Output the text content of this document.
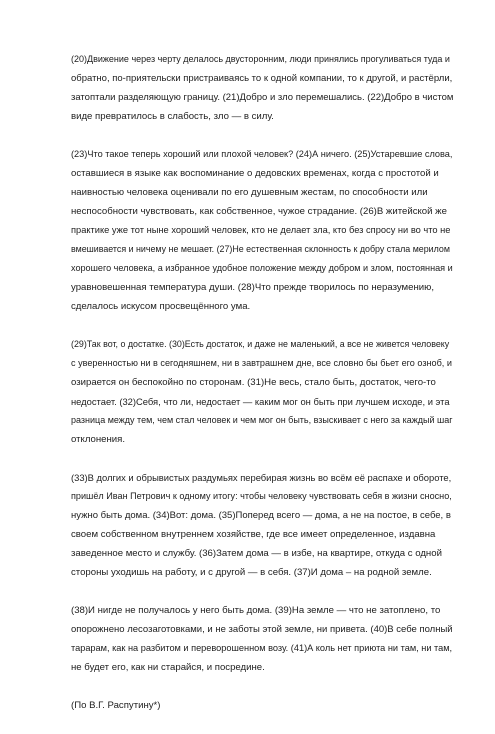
(20)Движение через черту делалось двусторонним, люди принялись прогуливаться туда и
обратно, по-приятельски пристраиваясь то к одной компании, то к другой, и растёрли,
затоптали разделяющую границу. (21)Добро и зло перемешались. (22)Добро в чистом
виде превратилось в слабость, зло — в силу.
(23)Что такое теперь хороший или плохой человек? (24)А ничего. (25)Устаревшие слова,
оставшиеся в языке как воспоминание о дедовских временах, когда с простотой и
наивностью человека оценивали по его душевным жестам, по способности или
неспособности чувствовать, как собственное, чужое страдание. (26)В житейской же
практике уже тот ныне хороший человек, кто не делает зла, кто без спросу ни во что не
вмешивается и ничему не мешает. (27)Не естественная склонность к добру стала мерилом
хорошего человека, а избранное удобное положение между добром и злом, постоянная и
уравновешенная температура души. (28)Что прежде творилось по неразумению,
сделалось искусом просвещённого ума.
(29)Так вот, о достатке. (30)Есть достаток, и даже не маленький, а все не живется человеку
с уверенностью ни в сегодняшнем, ни в завтрашнем дне, все словно бы бьет его озноб, и
озирается он беспокойно по сторонам. (31)Не весь, стало быть, достаток, чего-то
недостает. (32)Себя, что ли, недостает — каким мог он быть при лучшем исходе, и эта
разница между тем, чем стал человек и чем мог он быть, взыскивает с него за каждый шаг
отклонения.
(33)В долгих и обрывистых раздумьях перебирая жизнь во всём её распахе и обороте,
пришёл Иван Петрович к одному итогу: чтобы человеку чувствовать себя в жизни сносно,
нужно быть дома. (34)Вот: дома. (35)Поперед всего — дома, а не на постое, в себе, в
своем собственном внутреннем хозяйстве, где все имеет определенное, издавна
заведенное место и службу. (36)Затем дома — в избе, на квартире, откуда с одной
стороны уходишь на работу, и с другой — в себя. (37)И дома – на родной земле.
(38)И нигде не получалось у него быть дома. (39)На земле — что не затоплено, то
опорожнено лесозаготовками, и не заботы этой земле, ни привета. (40)В себе полный
тарарам, как на разбитом и переворошенном возу. (41)А коль нет приюта ни там, ни там,
не будет его, как ни старайся, и посредине.
(По В.Г. Распутину*)
